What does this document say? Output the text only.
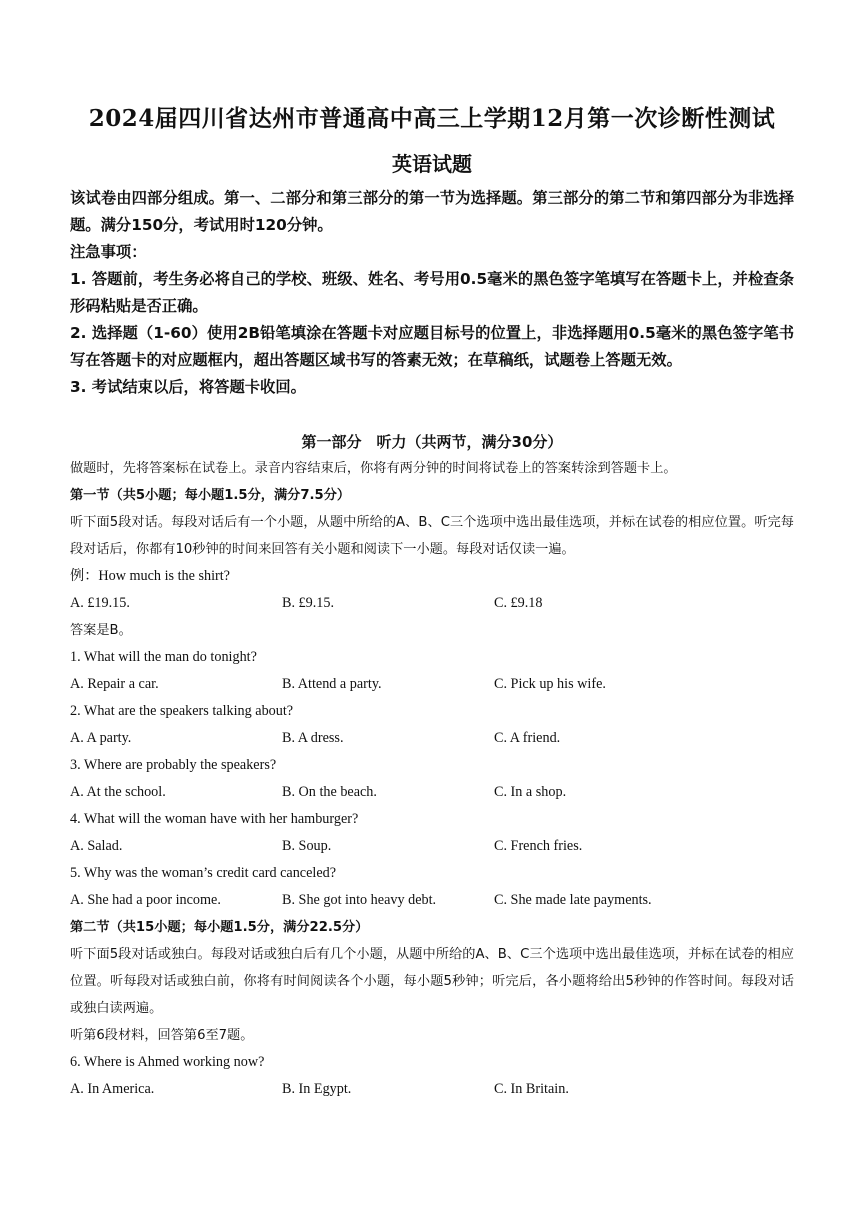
2024届四川省达州市普通高中高三上学期12月第一次诊断性测试
英语试题

该试卷由四部分组成。第一、二部分和第三部分的第一节为选择题。第三部分的第二节和第四部分为非选择题。满分150分，考试用时120分钟。

注急事项：

1. 答题前，考生务必将自己的学校、班级、姓名、考号用0.5毫米的黑色签字笔填写在答题卡上，并检查条形码粘贴是否正确。

2. 选择题（1-60）使用2B铅笔填涂在答题卡对应题目标号的位置上，非选择题用0.5毫米的黑色签字笔书写在答题卡的对应题框内，超出答题区域书写的答素无效；在草稿纸，试题卷上答题无效。

3. 考试结束以后，将答题卡收回。

第一部分　听力（共两节，满分30分）

做题时，先将答案标在试卷上。录音内容结束后，你将有两分钟的时间将试卷上的答案转涂到答题卡上。

第一节（共5小题；每小题1.5分，满分7.5分）

听下面5段对话。每段对话后有一个小题，从题中所给的A、B、C三个选项中选出最佳选项，并标在试卷的相应位置。听完每段对话后，你都有10秒钟的时间来回答有关小题和阅读下一小题。每段对话仅读一遍。

例：How much is the shirt?

A. £19.15.	B. £9.15.	C. £9.18

答案是B。

1. What will the man do tonight?

A. Repair a car.	B. Attend a party.	C. Pick up his wife.

2. What are the speakers talking about?

A. A party.	B. A dress.	C. A friend.

3. Where are probably the speakers?

A. At the school.	B. On the beach.	C. In a shop.

4. What will the woman have with her hamburger?

A. Salad.	B. Soup.	C. French fries.

5. Why was the woman’s credit card canceled?

A. She had a poor income.	B. She got into heavy debt.	C. She made late payments.

第二节（共15小题；每小题1.5分，满分22.5分）

听下面5段对话或独白。每段对话或独白后有几个小题，从题中所给的A、B、C三个选项中选出最佳选项，并标在试卷的相应位置。听每段对话或独白前，你将有时间阅读各个小题，每小题5秒钟；听完后，各小题将给出5秒钟的作答时间。每段对话或独白读两遍。

听第6段材料，回答第6至7题。

6. Where is Ahmed working now?

A. In America.	B. In Egypt.	C. In Britain.
